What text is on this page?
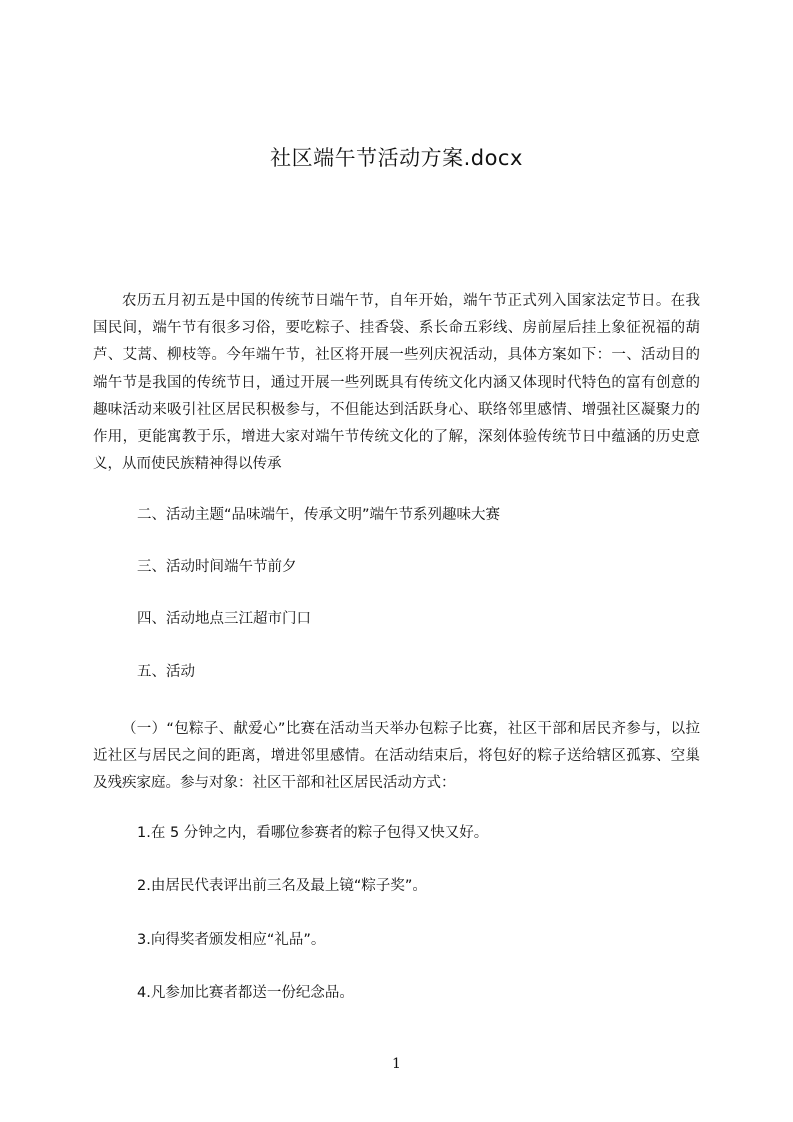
社区端午节活动方案.docx
农历五月初五是中国的传统节日端午节，自年开始，端午节正式列入国家法定节日。在我国民间，端午节有很多习俗，要吃粽子、挂香袋、系长命五彩线、房前屋后挂上象征祝福的葫芦、艾蒿、柳枝等。今年端午节，社区将开展一些列庆祝活动，具体方案如下：一、活动目的端午节是我国的传统节日，通过开展一些列既具有传统文化内涵又体现时代特色的富有创意的趣味活动来吸引社区居民积极参与，不但能达到活跃身心、联络邻里感情、增强社区凝聚力的作用，更能寓教于乐，增进大家对端午节传统文化的了解，深刻体验传统节日中蕴涵的历史意义，从而使民族精神得以传承
二、活动主题“品味端午，传承文明”端午节系列趣味大赛
三、活动时间端午节前夕
四、活动地点三江超市门口
五、活动
（一）“包粽子、献爱心”比赛在活动当天举办包粽子比赛，社区干部和居民齐参与，以拉近社区与居民之间的距离，增进邻里感情。在活动结束后，将包好的粽子送给辖区孤寡、空巢及残疾家庭。参与对象：社区干部和社区居民活动方式：
1.在 5 分钟之内，看哪位参赛者的粽子包得又快又好。
2.由居民代表评出前三名及最上镜“粽子奖”。
3.向得奖者颁发相应“礼品”。
4.凡参加比赛者都送一份纪念品。
1
